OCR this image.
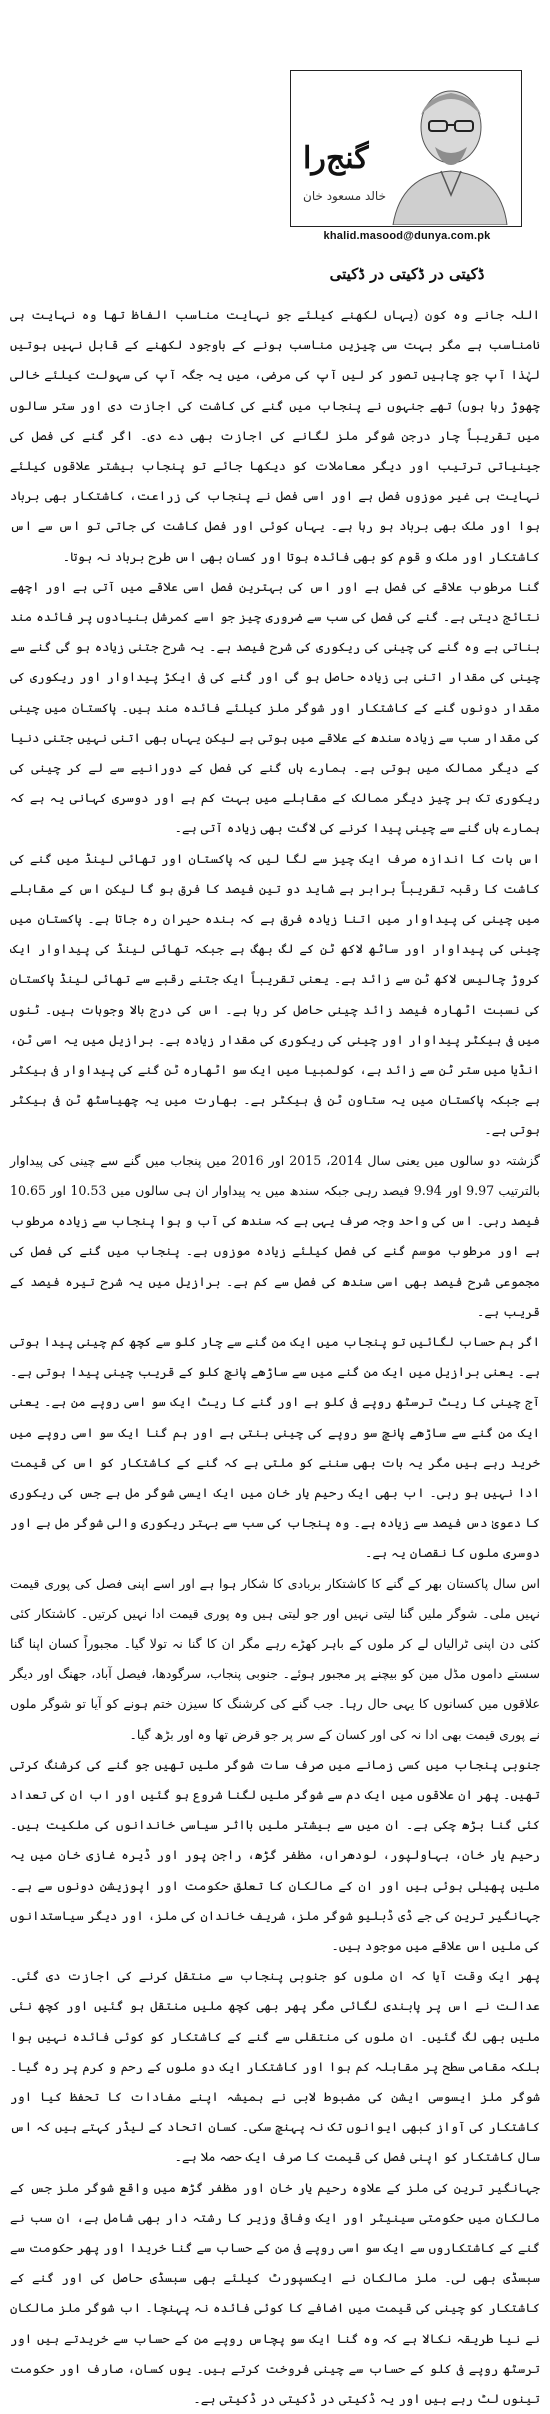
گنج‌را
خالد مسعود خان
khalid.masood@dunya.com.pk
ڈکیتی در ڈکیتی در ڈکیتی

اللہ جانے وہ کون (یہاں لکھنے کیلئے جو نہایت مناسب الفاظ تھا وہ نہایت ہی نامناسب ہے مگر بہت سی چیزیں مناسب ہونے کے باوجود لکھنے کے قابل نہیں ہوتیں لہٰذا آپ جو چاہیں تصور کر لیں آپ کی مرضی، میں یہ جگہ آپ کی سہولت کیلئے خالی چھوڑ رہا ہوں) تھے جنہوں نے پنجاب میں گنے کی کاشت کی اجازت دی اور ستر سالوں میں تقریباً چار درجن شوگر ملز لگانے کی اجازت بھی دے دی۔ اگر گنے کی فصل کی جینیاتی ترتیب اور دیگر معاملات کو دیکھا جائے تو پنجاب بیشتر علاقوں کیلئے نہایت ہی غیر موزوں فصل ہے اور اسی فصل نے پنجاب کی زراعت، کاشتکار بھی برباد ہوا اور ملک بھی برباد ہو رہا ہے۔ یہاں کوئی اور فصل کاشت کی جاتی تو اس سے اس کاشتکار اور ملک و قوم کو بھی فائدہ ہوتا اور کسان بھی اس طرح برباد نہ ہوتا۔

گنا مرطوب علاقے کی فصل ہے اور اس کی بہترین فصل اسی علاقے میں آتی ہے اور اچھے نتائج دیتی ہے۔ گنے کی فصل کی سب سے ضروری چیز جو اسے کمرشل بنیادوں پر فائدہ مند بناتی ہے وہ گنے کی چینی کی ریکوری کی شرح فیصد ہے۔ یہ شرح جتنی زیادہ ہو گی گنے سے چینی کی مقدار اتنی ہی زیادہ حاصل ہو گی اور گنے کی فی ایکڑ پیداوار اور ریکوری کی مقدار دونوں گنے کے کاشتکار اور شوگر ملز کیلئے فائدہ مند ہیں۔ پاکستان میں چینی کی مقدار سب سے زیادہ سندھ کے علاقے میں ہوتی ہے لیکن یہاں بھی اتنی نہیں جتنی دنیا کے دیگر ممالک میں ہوتی ہے۔ ہمارے ہاں گنے کی فصل کے دورانیے سے لے کر چینی کی ریکوری تک ہر چیز دیگر ممالک کے مقابلے میں بہت کم ہے اور دوسری کہانی یہ ہے کہ ہمارے ہاں گنے سے چینی پیدا کرنے کی لاگت بھی زیادہ آتی ہے۔

اس بات کا اندازہ صرف ایک چیز سے لگا لیں کہ پاکستان اور تھائی لینڈ میں گنے کی کاشت کا رقبہ تقریباً برابر ہے شاید دو تین فیصد کا فرق ہو گا لیکن اس کے مقابلے میں چینی کی پیداوار میں اتنا زیادہ فرق ہے کہ بندہ حیران رہ جاتا ہے۔ پاکستان میں چینی کی پیداوار اور ساٹھ لاکھ ٹن کے لگ بھگ ہے جبکہ تھائی لینڈ کی پیداوار ایک کروڑ چالیس لاکھ ٹن سے زائد ہے۔ یعنی تقریباً ایک جتنے رقبے سے تھائی لینڈ پاکستان کی نسبت اٹھارہ فیصد زائد چینی حاصل کر رہا ہے۔ اس کی درج بالا وجوہات ہیں۔ ٹنوں میں فی ہیکٹر پیداوار اور چینی کی ریکوری کی مقدار زیادہ ہے۔ برازیل میں یہ اسی ٹن، انڈیا میں ستر ٹن سے زائد ہے، کولمبیا میں ایک سو اٹھارہ ٹن گنے کی پیداوار فی ہیکٹر ہے جبکہ پاکستان میں یہ ستاون ٹن فی ہیکٹر ہے۔ بھارت میں یہ چھیاسٹھ ٹن فی ہیکٹر ہوتی ہے۔

گزشتہ دو سالوں میں یعنی سال 2014، 2015 اور 2016 میں پنجاب میں گنے سے چینی کی پیداوار بالترتیب 9.97 اور 9.94 فیصد رہی جبکہ سندھ میں یہ پیداوار ان ہی سالوں میں 10.53 اور 10.65 فیصد رہی۔ اس کی واحد وجہ صرف یہی ہے کہ سندھ کی آب و ہوا پنجاب سے زیادہ مرطوب ہے اور مرطوب موسم گنے کی فصل کیلئے زیادہ موزوں ہے۔ پنجاب میں گنے کی فصل کی مجموعی شرح فیصد بھی اسی سندھ کی فصل سے کم ہے۔ برازیل میں یہ شرح تیرہ فیصد کے قریب ہے۔

اگر ہم حساب لگائیں تو پنجاب میں ایک من گنے سے چار کلو سے کچھ کم چینی پیدا ہوتی ہے۔ یعنی برازیل میں ایک من گنے میں سے ساڑھے پانچ کلو کے قریب چینی پیدا ہوتی ہے۔ آج چینی کا ریٹ ترسٹھ روپے فی کلو ہے اور گنے کا ریٹ ایک سو اسی روپے من ہے۔ یعنی ایک من گنے سے ساڑھے پانچ سو روپے کی چینی بنتی ہے اور ہم گنا ایک سو اسی روپے میں خرید رہے ہیں مگر یہ بات بھی سننے کو ملتی ہے کہ گنے کے کاشتکار کو اس کی قیمت ادا نہیں ہو رہی۔ اب بھی ایک رحیم یار خان میں ایک ایسی شوگر مل ہے جس کی ریکوری کا دعویٰ دس فیصد سے زیادہ ہے۔ وہ پنجاب کی سب سے بہتر ریکوری والی شوگر مل ہے اور دوسری ملوں کا نقصان یہ ہے۔

اس سال پاکستان بھر کے گنے کا کاشتکار بربادی کا شکار ہوا ہے اور اسے اپنی فصل کی پوری قیمت نہیں ملی۔ شوگر ملیں گنا لیتی نہیں اور جو لیتی ہیں وہ پوری قیمت ادا نہیں کرتیں۔ کاشتکار کئی کئی دن اپنی ٹرالیاں لے کر ملوں کے باہر کھڑے رہے مگر ان کا گنا نہ تولا گیا۔ مجبوراً کسان اپنا گنا سستے داموں مڈل مین کو بیچنے پر مجبور ہوئے۔ جنوبی پنجاب، سرگودھا، فیصل آباد، جھنگ اور دیگر علاقوں میں کسانوں کا یہی حال رہا۔ جب گنے کی کرشنگ کا سیزن ختم ہونے کو آیا تو شوگر ملوں نے پوری قیمت بھی ادا نہ کی اور کسان کے سر پر جو قرض تھا وہ اور بڑھ گیا۔

جنوبی پنجاب میں کسی زمانے میں صرف سات شوگر ملیں تھیں جو گنے کی کرشنگ کرتی تھیں۔ پھر ان علاقوں میں ایک دم سے شوگر ملیں لگنا شروع ہو گئیں اور اب ان کی تعداد کئی گنا بڑھ چکی ہے۔ ان میں سے بیشتر ملیں بااثر سیاسی خاندانوں کی ملکیت ہیں۔ رحیم یار خان، بہاولپور، لودھراں، مظفر گڑھ، راجن پور اور ڈیرہ غازی خان میں یہ ملیں پھیلی ہوئی ہیں اور ان کے مالکان کا تعلق حکومت اور اپوزیشن دونوں سے ہے۔ جہانگیر ترین کی جے ڈی ڈبلیو شوگر ملز، شریف خاندان کی ملز، اور دیگر سیاستدانوں کی ملیں اس علاقے میں موجود ہیں۔

پھر ایک وقت آیا کہ ان ملوں کو جنوبی پنجاب سے منتقل کرنے کی اجازت دی گئی۔ عدالت نے اس پر پابندی لگائی مگر پھر بھی کچھ ملیں منتقل ہو گئیں اور کچھ نئی ملیں بھی لگ گئیں۔ ان ملوں کی منتقلی سے گنے کے کاشتکار کو کوئی فائدہ نہیں ہوا بلکہ مقامی سطح پر مقابلہ کم ہوا اور کاشتکار ایک دو ملوں کے رحم و کرم پر رہ گیا۔ شوگر ملز ایسوسی ایشن کی مضبوط لابی نے ہمیشہ اپنے مفادات کا تحفظ کیا اور کاشتکار کی آواز کبھی ایوانوں تک نہ پہنچ سکی۔ کسان اتحاد کے لیڈر کہتے ہیں کہ اس سال کاشتکار کو اپنی فصل کی قیمت کا صرف ایک حصہ ملا ہے۔

جہانگیر ترین کی ملز کے علاوہ رحیم یار خان اور مظفر گڑھ میں واقع شوگر ملز جس کے مالکان میں حکومتی سینیٹر اور ایک وفاقی وزیر کا رشتہ دار بھی شامل ہے، ان سب نے گنے کے کاشتکاروں سے ایک سو اسی روپے فی من کے حساب سے گنا خریدا اور پھر حکومت سے سبسڈی بھی لی۔ ملز مالکان نے ایکسپورٹ کیلئے بھی سبسڈی حاصل کی اور گنے کے کاشتکار کو چینی کی قیمت میں اضافے کا کوئی فائدہ نہ پہنچا۔ اب شوگر ملز مالکان نے نیا طریقہ نکالا ہے کہ وہ گنا ایک سو پچاس روپے من کے حساب سے خریدتے ہیں اور ترسٹھ روپے فی کلو کے حساب سے چینی فروخت کرتے ہیں۔ یوں کسان، صارف اور حکومت تینوں لٹ رہے ہیں اور یہ ڈکیتی در ڈکیتی در ڈکیتی ہے۔
